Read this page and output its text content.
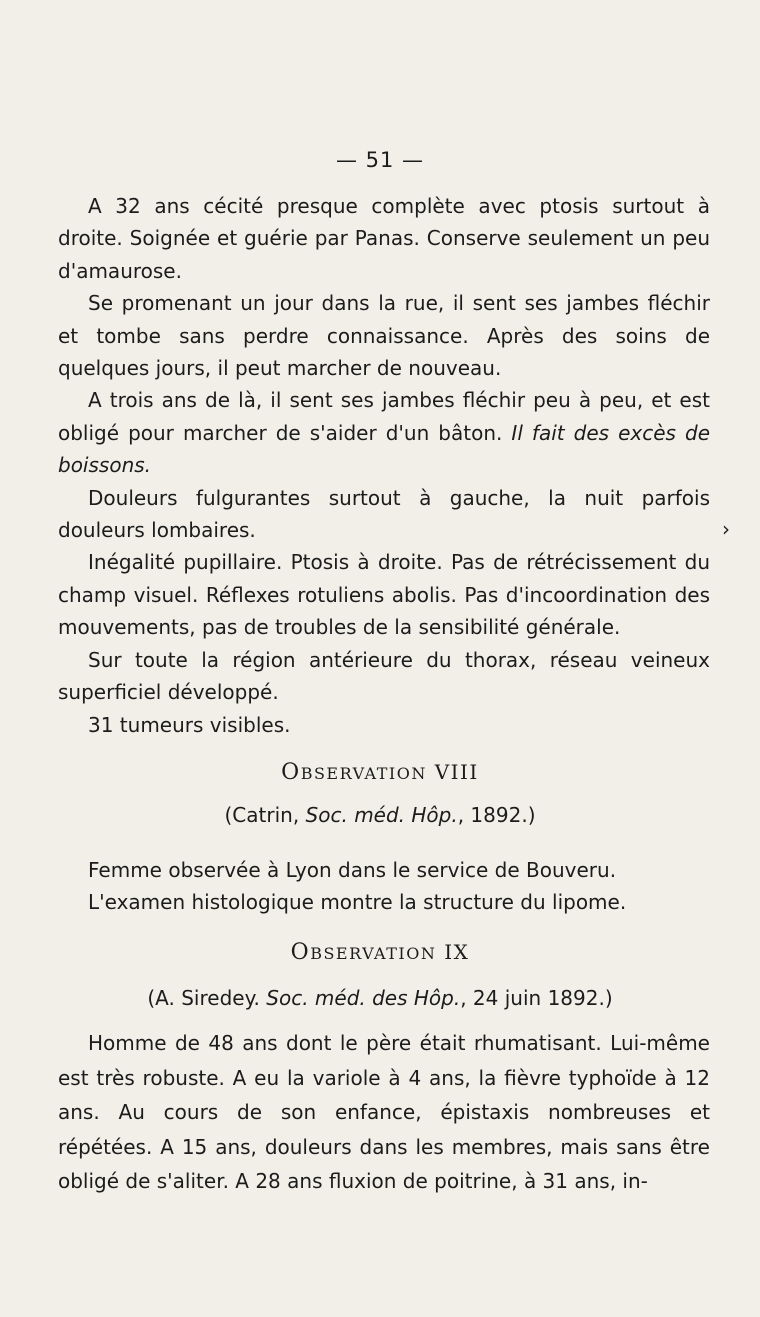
— 51 —

A 32 ans cécité presque complète avec ptosis surtout à droite. Soignée et guérie par Panas. Conserve seulement un peu d'amaurose.

Se promenant un jour dans la rue, il sent ses jambes fléchir et tombe sans perdre connaissance. Après des soins de quelques jours, il peut marcher de nouveau.

A trois ans de là, il sent ses jambes fléchir peu à peu, et est obligé pour marcher de s'aider d'un bâton. Il fait des excès de boissons.

Douleurs fulgurantes surtout à gauche, la nuit parfois douleurs lombaires.

Inégalité pupillaire. Ptosis à droite. Pas de rétrécissement du champ visuel. Réflexes rotuliens abolis. Pas d'incoordination des mouvements, pas de troubles de la sensibilité générale.

Sur toute la région antérieure du thorax, réseau veineux superficiel développé.

31 tumeurs visibles.

›
OBSERVATION VIII
(Catrin, Soc. méd. Hôp., 1892.)

Femme observée à Lyon dans le service de Bouveru.

L'examen histologique montre la structure du lipome.

OBSERVATION IX
(A. Siredey. Soc. méd. des Hôp., 24 juin 1892.)

Homme de 48 ans dont le père était rhumatisant. Lui-même est très robuste. A eu la variole à 4 ans, la fièvre typhoïde à 12 ans. Au cours de son enfance, épistaxis nombreuses et répétées. A 15 ans, douleurs dans les membres, mais sans être obligé de s'aliter. A 28 ans fluxion de poitrine, à 31 ans, in-
